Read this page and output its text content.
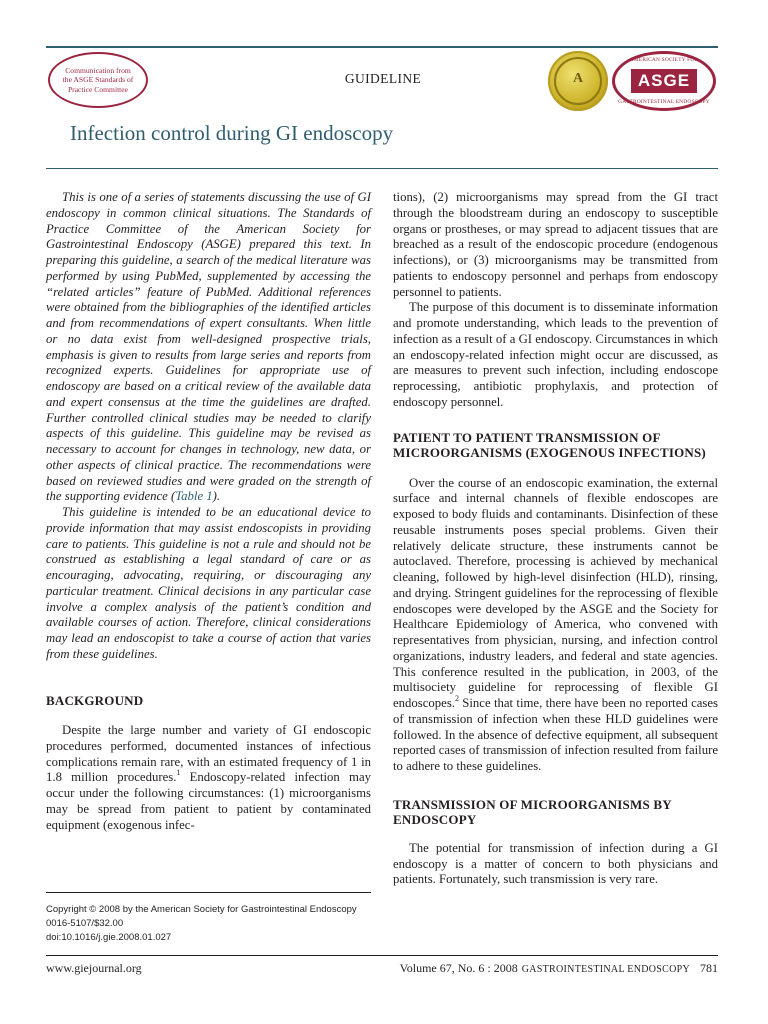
Communication from the ASGE Standards of Practice Committee
GUIDELINE	A
AMERICAN SOCIETY FOR
ASGE
GASTROINTESTINAL ENDOSCOPY
Infection control during GI endoscopy

This is one of a series of statements discussing the use of GI endoscopy in common clinical situations. The Standards of Practice Committee of the American Society for Gastrointestinal Endoscopy (ASGE) prepared this text. In preparing this guideline, a search of the medical literature was performed by using PubMed, supplemented by accessing the “related articles” feature of PubMed. Additional references were obtained from the bibliographies of the identified articles and from recommendations of expert consultants. When little or no data exist from well-designed prospective trials, emphasis is given to results from large series and reports from recognized experts. Guidelines for appropriate use of endoscopy are based on a critical review of the available data and expert consensus at the time the guidelines are drafted. Further controlled clinical studies may be needed to clarify aspects of this guideline. This guideline may be revised as necessary to account for changes in technology, new data, or other aspects of clinical practice. The recommendations were based on reviewed studies and were graded on the strength of the supporting evidence (Table 1).

This guideline is intended to be an educational device to provide information that may assist endoscopists in providing care to patients. This guideline is not a rule and should not be construed as establishing a legal standard of care or as encouraging, advocating, requiring, or discouraging any particular treatment. Clinical decisions in any particular case involve a complex analysis of the patient’s condition and available courses of action. Therefore, clinical considerations may lead an endoscopist to take a course of action that varies from these guidelines.

BACKGROUND

Despite the large number and variety of GI endoscopic procedures performed, documented instances of infectious complications remain rare, with an estimated frequency of 1 in 1.8 million procedures.$^1$ Endoscopy-related infection may occur under the following circumstances: (1) microorganisms may be spread from patient to patient by contaminated equipment (exogenous infec-

tions), (2) microorganisms may spread from the GI tract through the bloodstream during an endoscopy to susceptible organs or prostheses, or may spread to adjacent tissues that are breached as a result of the endoscopic procedure (endogenous infections), or (3) microorganisms may be transmitted from patients to endoscopy personnel and perhaps from endoscopy personnel to patients.

The purpose of this document is to disseminate information and promote understanding, which leads to the prevention of infection as a result of a GI endoscopy. Circumstances in which an endoscopy-related infection might occur are discussed, as are measures to prevent such infection, including endoscope reprocessing, antibiotic prophylaxis, and protection of endoscopy personnel.

PATIENT TO PATIENT TRANSMISSION OF MICROORGANISMS (EXOGENOUS INFECTIONS)

Over the course of an endoscopic examination, the external surface and internal channels of flexible endoscopes are exposed to body fluids and contaminants. Disinfection of these reusable instruments poses special problems. Given their relatively delicate structure, these instruments cannot be autoclaved. Therefore, processing is achieved by mechanical cleaning, followed by high-level disinfection (HLD), rinsing, and drying. Stringent guidelines for the reprocessing of flexible endoscopes were developed by the ASGE and the Society for Healthcare Epidemiology of America, who convened with representatives from physician, nursing, and infection control organizations, industry leaders, and federal and state agencies. This conference resulted in the publication, in 2003, of the multisociety guideline for reprocessing of flexible GI endoscopes.$^2$ Since that time, there have been no reported cases of transmission of infection when these HLD guidelines were followed. In the absence of defective equipment, all subsequent reported cases of transmission of infection resulted from failure to adhere to these guidelines.

TRANSMISSION OF MICROORGANISMS BY ENDOSCOPY

The potential for transmission of infection during a GI endoscopy is a matter of concern to both physicians and patients. Fortunately, such transmission is very rare.

Copyright © 2008 by the American Society for Gastrointestinal Endoscopy
0016-5107/$32.00
doi:10.1016/j.gie.2008.01.027
www.giejournal.org	Volume 67, No. 6 : 2008 GASTROINTESTINAL ENDOSCOPY 781
